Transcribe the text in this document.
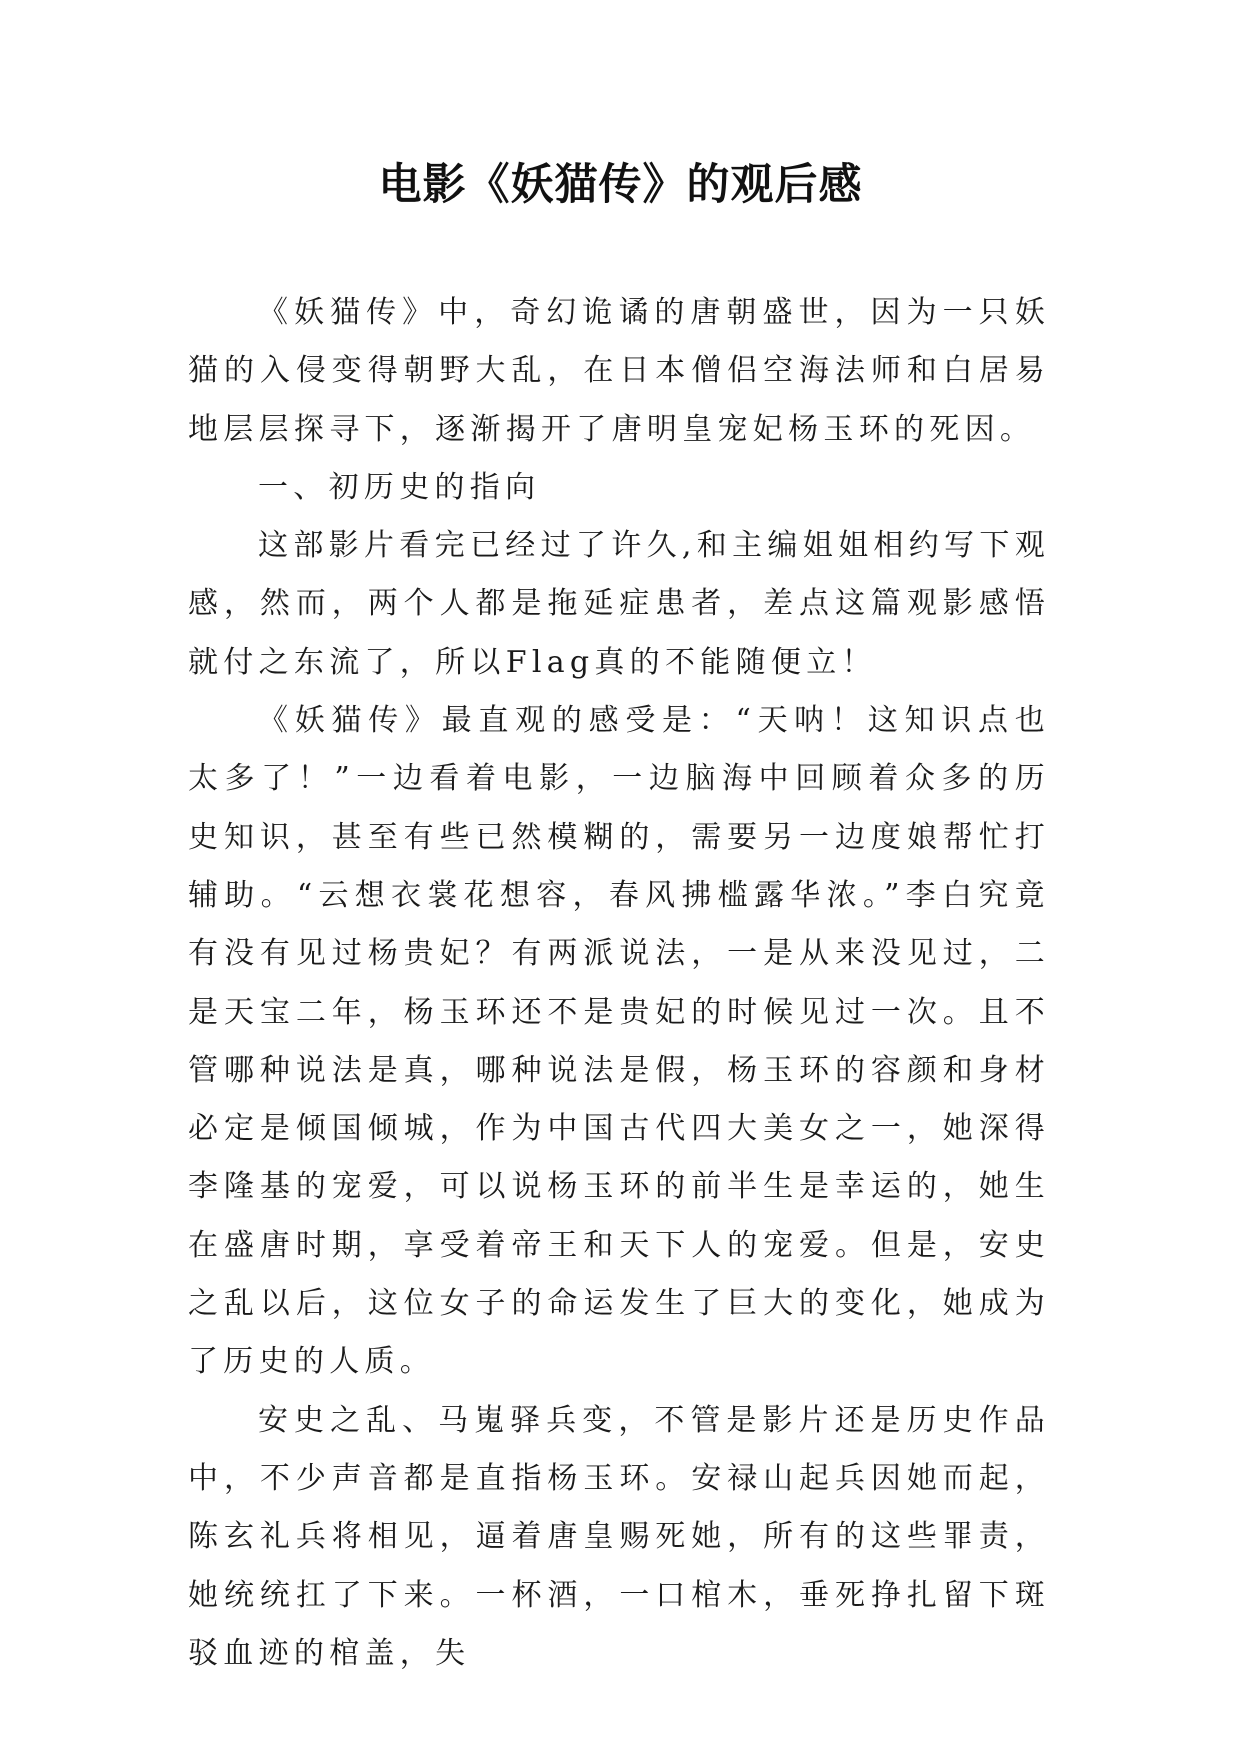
电影《妖猫传》的观后感

《妖猫传》中，奇幻诡谲的唐朝盛世，因为一只妖猫的入侵变得朝野大乱，在日本僧侣空海法师和白居易地层层探寻下，逐渐揭开了唐明皇宠妃杨玉环的死因。

一、初历史的指向

这部影片看完已经过了许久,和主编姐姐相约写下观感，然而，两个人都是拖延症患者，差点这篇观影感悟就付之东流了，所以Flag真的不能随便立！

《妖猫传》最直观的感受是：“天呐！这知识点也太多了！”一边看着电影，一边脑海中回顾着众多的历史知识，甚至有些已然模糊的，需要另一边度娘帮忙打辅助。“云想衣裳花想容，春风拂槛露华浓。”李白究竟有没有见过杨贵妃？有两派说法，一是从来没见过，二是天宝二年，杨玉环还不是贵妃的时候见过一次。且不管哪种说法是真，哪种说法是假，杨玉环的容颜和身材必定是倾国倾城，作为中国古代四大美女之一，她深得李隆基的宠爱，可以说杨玉环的前半生是幸运的，她生在盛唐时期，享受着帝王和天下人的宠爱。但是，安史之乱以后，这位女子的命运发生了巨大的变化，她成为了历史的人质。

安史之乱、马嵬驿兵变，不管是影片还是历史作品中，不少声音都是直指杨玉环。安禄山起兵因她而起，陈玄礼兵将相见，逼着唐皇赐死她，所有的这些罪责，她统统扛了下来。一杯酒，一口棺木，垂死挣扎留下斑驳血迹的棺盖，失
